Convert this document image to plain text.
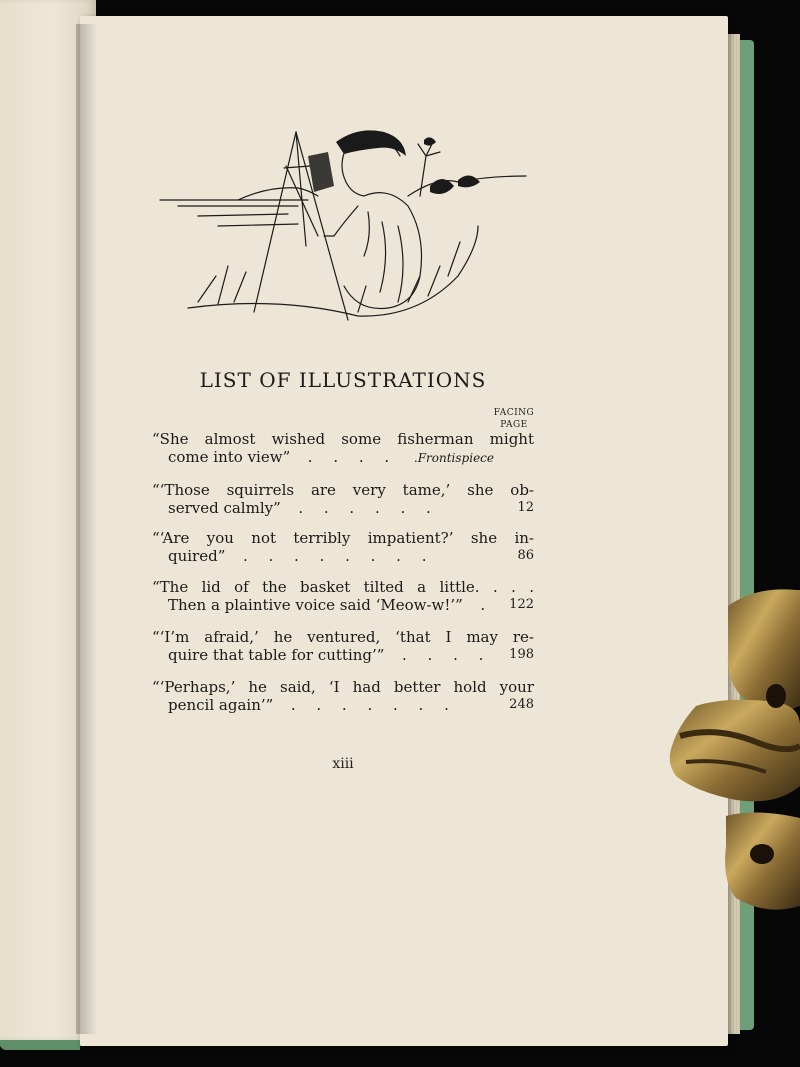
LIST OF ILLUSTRATIONS
FACING
PAGE
“She almost wished some fisherman might
come into view”  . . . . .Frontispiece
“‘Those squirrels are very tame,’ she ob-
served calmly”  . . . . . .	12
“‘Are you not terribly impatient?’ she in-
quired”  . . . . . . . .	86
“The lid of the basket tilted a little. . . .
Then a plaintive voice said ‘Meow-w!’”  . 122
“‘I’m afraid,’ he ventured, ‘that I may re-
quire that table for cutting’”  . . . . 198
“‘Perhaps,’ he said, ‘I had better hold your
pencil again’”  . . . . . . .	248
xiii
